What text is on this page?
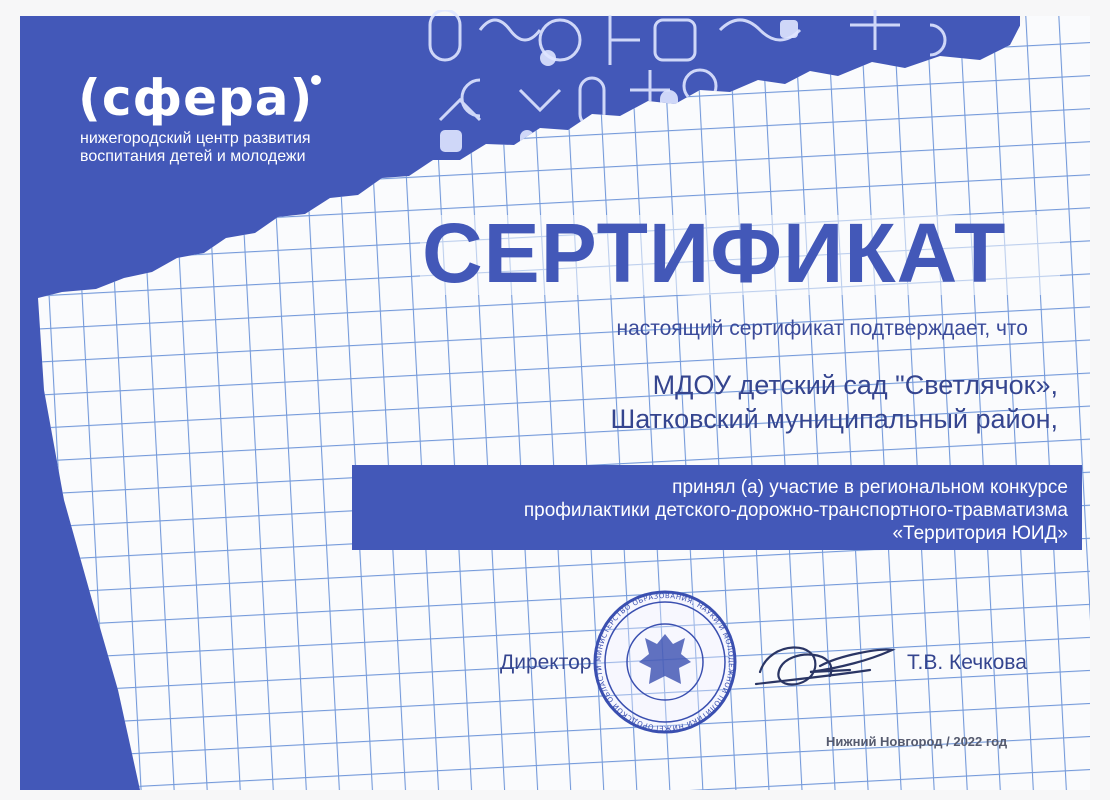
МИНИСТЕРСТВО ОБРАЗОВАНИЯ, НАУКИ И МОЛОДЕЖНОЙ ПОЛИТИКИ НИЖЕГОРОДСКОЙ ОБЛАСТИ
(сфера)
нижегородский центр развития
воспитания детей и молодежи
СЕРТИФИКАТ
настоящий сертификат подтверждает, что
МДОУ детский сад "Светлячок»,
Шатковский муниципальный район,
принял (а) участие в региональном конкурсе
профилактики детского-дорожно-транспортного-травматизма
«Территория ЮИД»
Директор	Т.В. Кечкова
Нижний Новгород / 2022 год
